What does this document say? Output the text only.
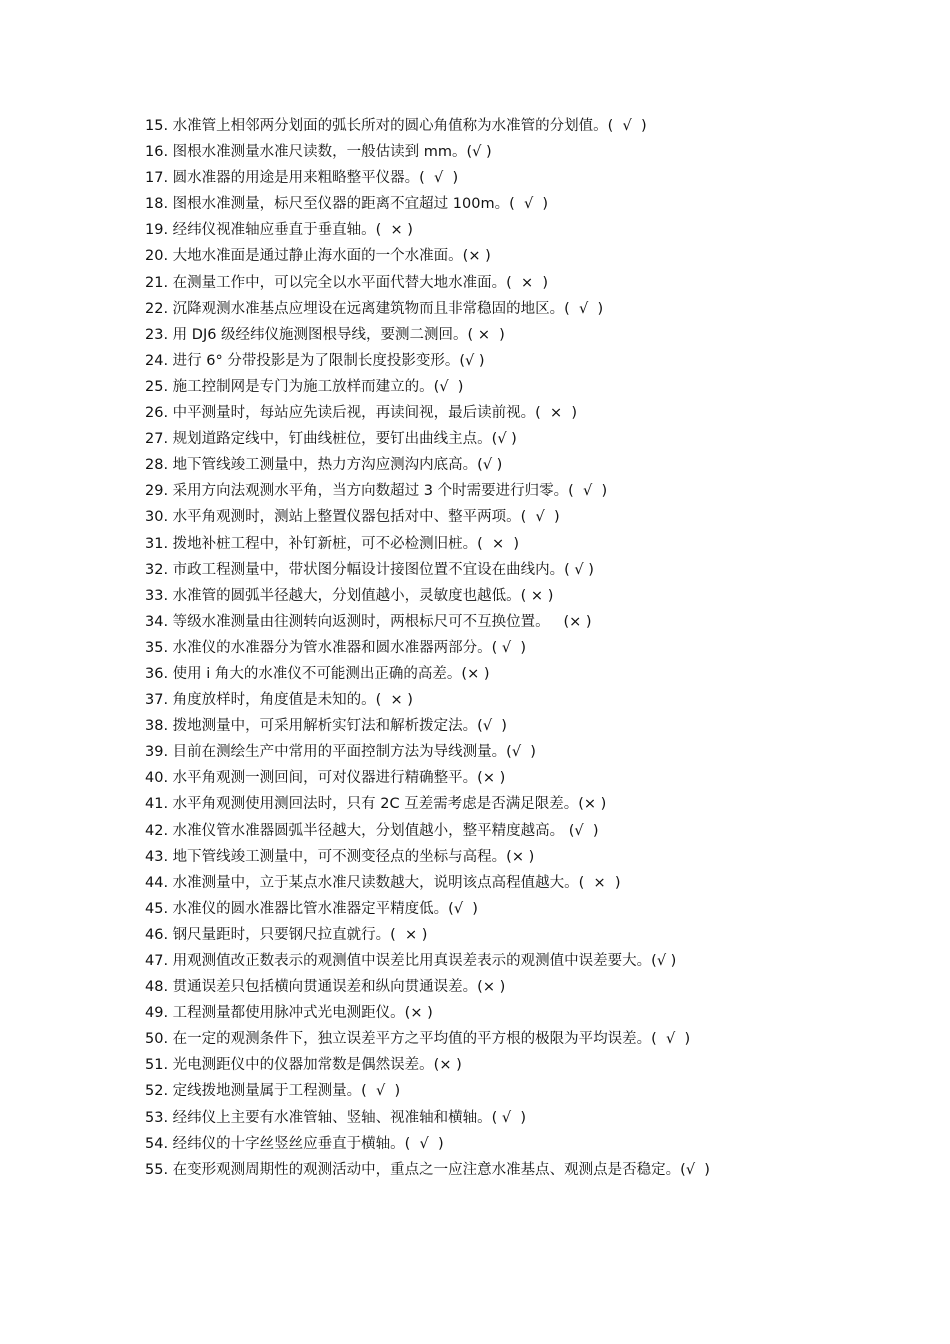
15. 水准管上相邻两分划面的弧长所对的圆心角值称为水准管的分划值。(  √  )
16. 图根水准测量水准尺读数，一般估读到 mm。(√ )
17. 圆水准器的用途是用来粗略整平仪器。(  √  )
18. 图根水准测量，标尺至仪器的距离不宜超过 100m。(  √  )
19. 经纬仪视准轴应垂直于垂直轴。(  × )
20. 大地水准面是通过静止海水面的一个水准面。(× )
21. 在测量工作中，可以完全以水平面代替大地水准面。(  ×  )
22. 沉降观测水准基点应埋设在远离建筑物而且非常稳固的地区。(  √  )
23. 用 DJ6 级经纬仪施测图根导线，要测二测回。( ×  )
24. 进行 6° 分带投影是为了限制长度投影变形。(√ )
25. 施工控制网是专门为施工放样而建立的。(√  )
26. 中平测量时，每站应先读后视，再读间视，最后读前视。(  ×  )
27. 规划道路定线中，钉曲线桩位，要钉出曲线主点。(√ )
28. 地下管线竣工测量中，热力方沟应测沟内底高。(√ )
29. 采用方向法观测水平角，当方向数超过 3 个时需要进行归零。(  √  )
30. 水平角观测时，测站上整置仪器包括对中、整平两项。(  √  )
31. 拨地补桩工程中，补钉新桩，可不必检测旧桩。(  ×  )
32. 市政工程测量中，带状图分幅设计接图位置不宜设在曲线内。( √ )
33. 水准管的圆弧半径越大，分划值越小，灵敏度也越低。( × )
34. 等级水准测量由往测转向返测时，两根标尺可不互换位置。   (× )
35. 水准仪的水准器分为管水准器和圆水准器两部分。( √  )
36. 使用 i 角大的水准仪不可能测出正确的高差。(× )
37. 角度放样时，角度值是未知的。(  × )
38. 拨地测量中，可采用解析实钉法和解析拨定法。(√  )
39. 目前在测绘生产中常用的平面控制方法为导线测量。(√  )
40. 水平角观测一测回间，可对仪器进行精确整平。(× )
41. 水平角观测使用测回法时，只有 2C 互差需考虑是否满足限差。(× )
42. 水准仪管水准器圆弧半径越大，分划值越小，整平精度越高。 (√  )
43. 地下管线竣工测量中，可不测变径点的坐标与高程。(× )
44. 水准测量中，立于某点水准尺读数越大，说明该点高程值越大。(  ×  )
45. 水准仪的圆水准器比管水准器定平精度低。(√  )
46. 钢尺量距时，只要钢尺拉直就行。(  × )
47. 用观测值改正数表示的观测值中误差比用真误差表示的观测值中误差要大。(√ )
48. 贯通误差只包括横向贯通误差和纵向贯通误差。(× )
49. 工程测量都使用脉冲式光电测距仪。(× )
50. 在一定的观测条件下，独立误差平方之平均值的平方根的极限为平均误差。(  √  )
51. 光电测距仪中的仪器加常数是偶然误差。(× )
52. 定线拨地测量属于工程测量。(  √  )
53. 经纬仪上主要有水准管轴、竖轴、视准轴和横轴。( √  )
54. 经纬仪的十字丝竖丝应垂直于横轴。(  √  )
55. 在变形观测周期性的观测活动中，重点之一应注意水准基点、观测点是否稳定。(√  )
